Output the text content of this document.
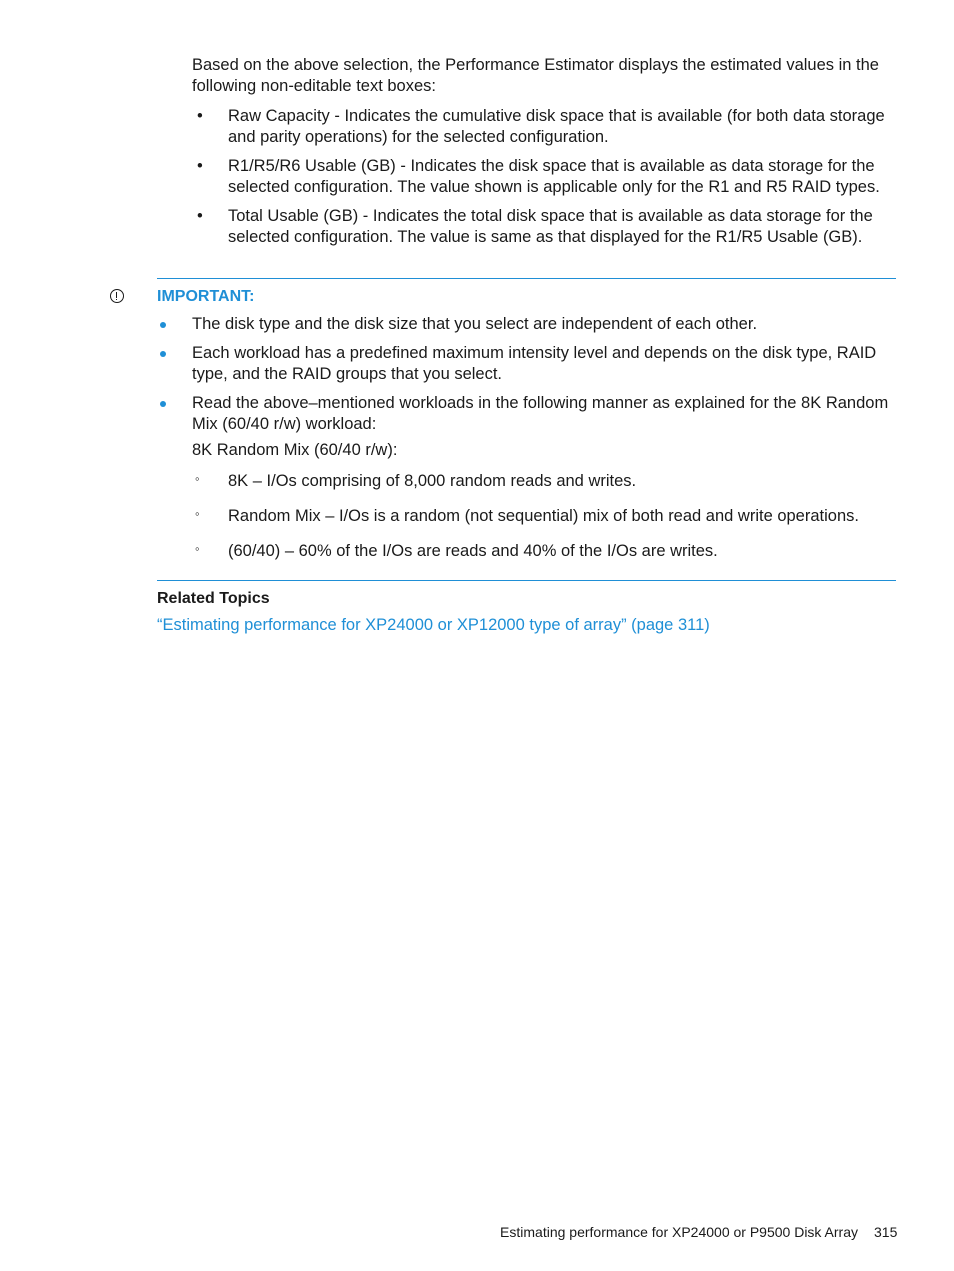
Based on the above selection, the Performance Estimator displays the estimated values in the following non-editable text boxes:

• Raw Capacity - Indicates the cumulative disk space that is available (for both data storage and parity operations) for the selected configuration.
• R1/R5/R6 Usable (GB) - Indicates the disk space that is available as data storage for the selected configuration. The value shown is applicable only for the R1 and R5 RAID types.
• Total Usable (GB) - Indicates the total disk space that is available as data storage for the selected configuration. The value is same as that displayed for the R1/R5 Usable (GB).
IMPORTANT:
The disk type and the disk size that you select are independent of each other.
Each workload has a predefined maximum intensity level and depends on the disk type, RAID type, and the RAID groups that you select.
Read the above–mentioned workloads in the following manner as explained for the 8K Random Mix (60/40 r/w) workload:
8K Random Mix (60/40 r/w):
◦ 8K – I/Os comprising of 8,000 random reads and writes.
◦ Random Mix – I/Os is a random (not sequential) mix of both read and write operations.
◦ (60/40) – 60% of the I/Os are reads and 40% of the I/Os are writes.
Related Topics
“Estimating performance for XP24000 or XP12000 type of array” (page 311)
Estimating performance for XP24000 or P9500 Disk Array 315
